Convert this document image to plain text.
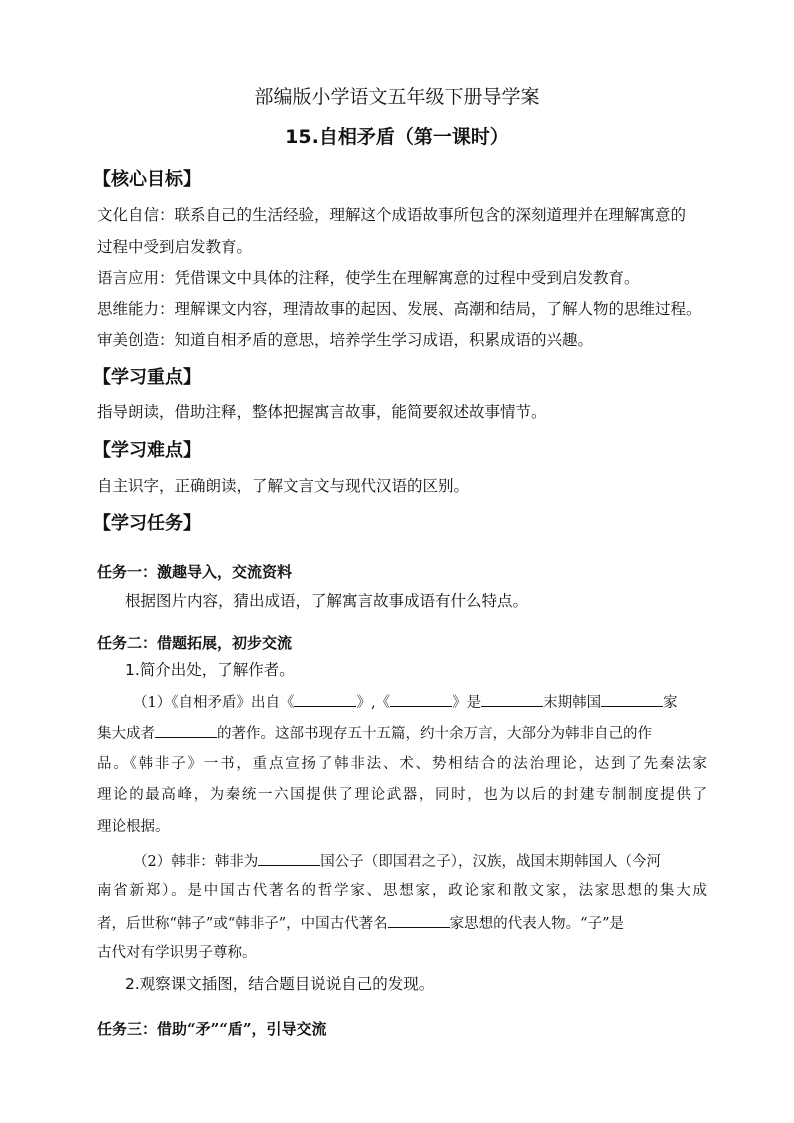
部编版小学语文五年级下册导学案
15.自相矛盾（第一课时）
【核心目标】
文化自信：联系自己的生活经验，理解这个成语故事所包含的深刻道理并在理解寓意的
过程中受到启发教育。
语言应用：凭借课文中具体的注释，使学生在理解寓意的过程中受到启发教育。
思维能力：理解课文内容，理清故事的起因、发展、高潮和结局，了解人物的思维过程。
审美创造：知道自相矛盾的意思，培养学生学习成语，积累成语的兴趣。
【学习重点】
指导朗读，借助注释，整体把握寓言故事，能简要叙述故事情节。
【学习难点】
自主识字，正确朗读，了解文言文与现代汉语的区别。
【学习任务】
任务一：激趣导入，交流资料
根据图片内容，猜出成语，了解寓言故事成语有什么特点。
任务二：借题拓展，初步交流
1.简介出处，了解作者。
（1）《自相矛盾》出自《	》,《	》是	末期韩国	家
集大成者	的著作。这部书现存五十五篇，约十余万言，大部分为韩非自己的作
品。《韩非子》一书，重点宣扬了韩非法、术、势相结合的法治理论，达到了先秦法家
理论的最高峰，为秦统一六国提供了理论武器，同时，也为以后的封建专制制度提供了
理论根据。
（2）韩非：韩非为	国公子（即国君之子），汉族，战国末期韩国人（今河
南省新郑）。是中国古代著名的哲学家、思想家，政论家和散文家，法家思想的集大成
者，后世称“韩子”或“韩非子”，中国古代著名	家思想的代表人物。“子”是
古代对有学识男子尊称。
2.观察课文插图，结合题目说说自己的发现。
任务三：借助“矛”“盾”，引导交流
